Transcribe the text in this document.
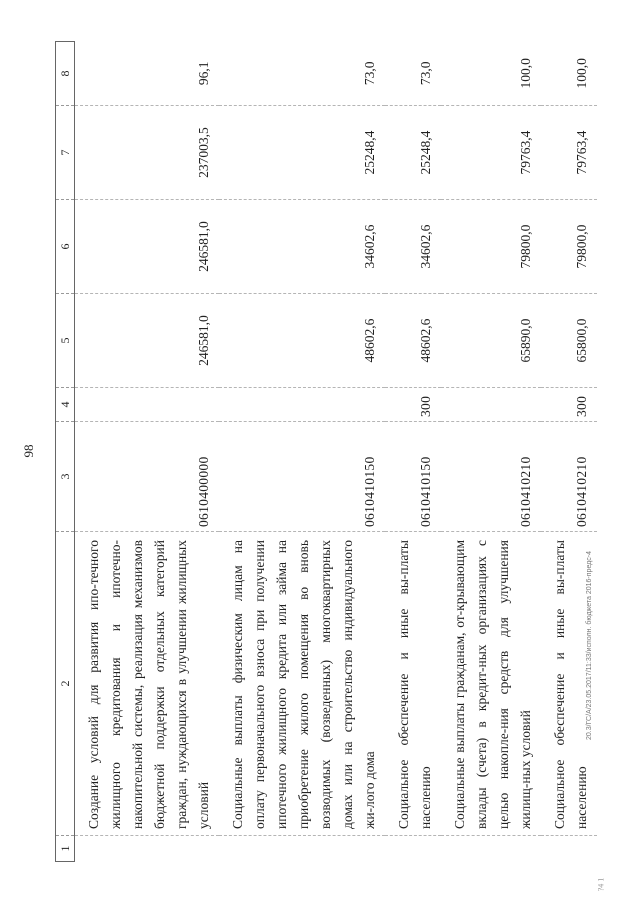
98
1	2	3	4	5	6	7	8
	Создание условий для развития ипо-течного жилищного кредитования и ипотечно-накопительной системы, реализация механизмов бюджетной поддержки отдельных категорий граждан, нуждающихся в улучшении жилищных условий	0610400000		246581,0	246581,0	237003,5	96,1
	Социальные выплаты физическим лицам на оплату первоначального взноса при получении ипотечного жилищного кредита или займа на приобретение жилого помещения во вновь возводимых (возведенных) многоквартирных домах или на строительство индивидуального жи-лого дома	0610410150		48602,6	34602,6	25248,4	73,0
	Социальное обеспечение и иные вы-платы населению	0610410150	300	48602,6	34602,6	25248,4	73,0
	Социальные выплаты гражданам, от-крывающим вклады (счета) в кредит-ных организациях с целью накопле-ния средств для улучшения жилищ-ных условий	0610410210		65890,0	79800,0	79763,4	100,0
	Социальное обеспечение и иные вы-платы населению	0610410210	300	65800,0	79800,0	79763,4	100,0
20.3/ГС/А/23.05.2017/11:33/исполн. бюджета 2016-предс-4
?4 1
